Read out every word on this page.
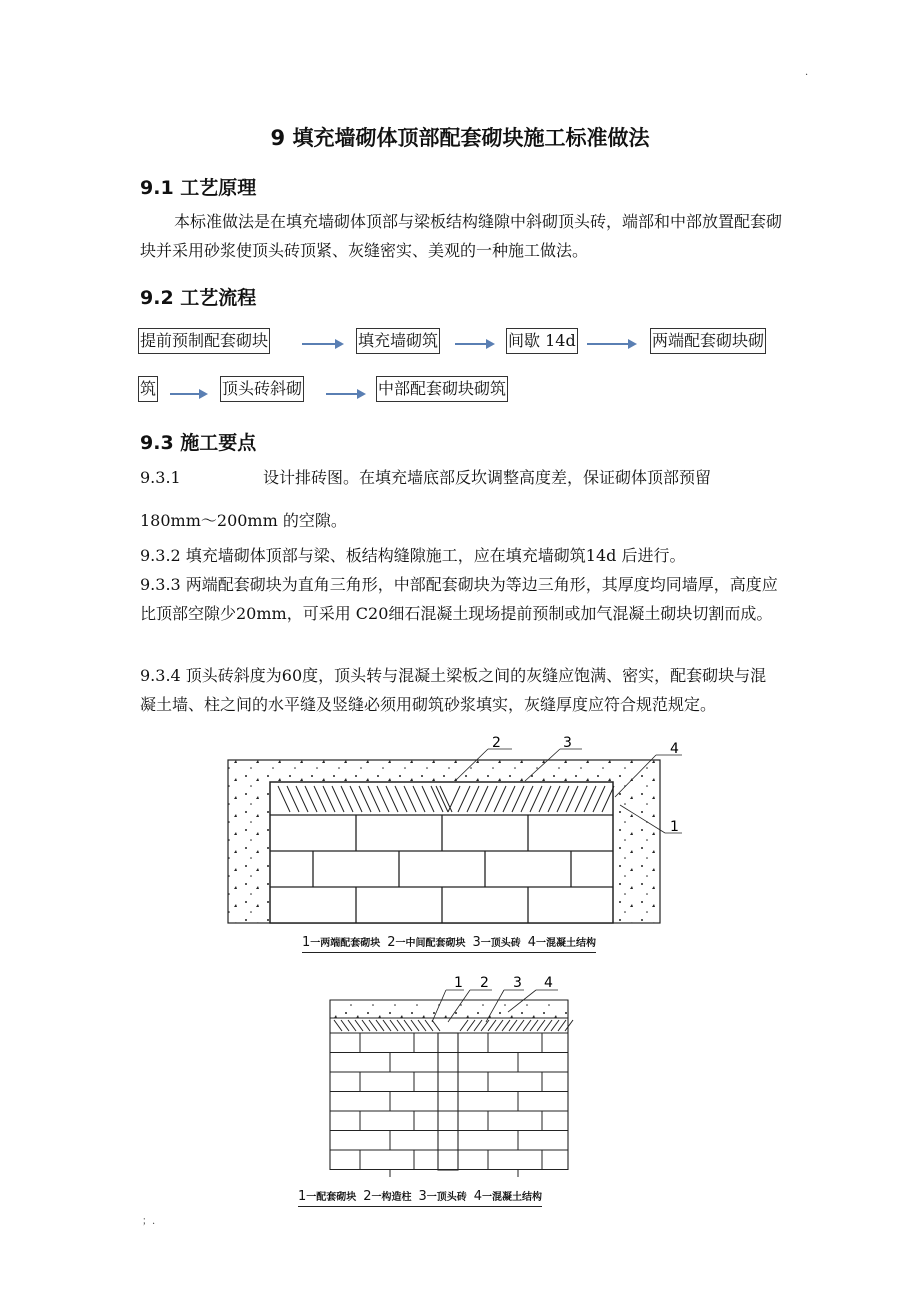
·
9 填充墙砌体顶部配套砌块施工标准做法
9.1 工艺原理
本标准做法是在填充墙砌体顶部与梁板结构缝隙中斜砌顶头砖，端部和中部放置配套砌块并采用砂浆使顶头砖顶紧、灰缝密实、美观的一种施工做法。
9.2 工艺流程
提前预制配套砌块	填充墙砌筑	间歇 14d	两端配套砌块砌
筑	顶头砖斜砌	中部配套砌块砌筑
9.3 施工要点
9.3.1	设计排砖图。在填充墙底部反坎调整高度差，保证砌体顶部预留
180mm～200mm 的空隙。
9.3.2 填充墙砌体顶部与梁、板结构缝隙施工，应在填充墙砌筑14d 后进行。
9.3.3 两端配套砌块为直角三角形，中部配套砌块为等边三角形，其厚度均同墙厚，高度应比顶部空隙少20mm，可采用 C20细石混凝土现场提前预制或加气混凝土砌块切割而成。
9.3.4 顶头砖斜度为60度，顶头转与混凝土梁板之间的灰缝应饱满、密实，配套砌块与混凝土墙、柱之间的水平缝及竖缝必须用砌筑砂浆填实，灰缝厚度应符合规范规定。
2	3	4
1
1一两端配套砌块 2一中间配套砌块 3一顶头砖 4一混凝土结构
1 2 3 4
1一配套砌块 2一构造柱 3一顶头砖 4一混凝土结构
；.
